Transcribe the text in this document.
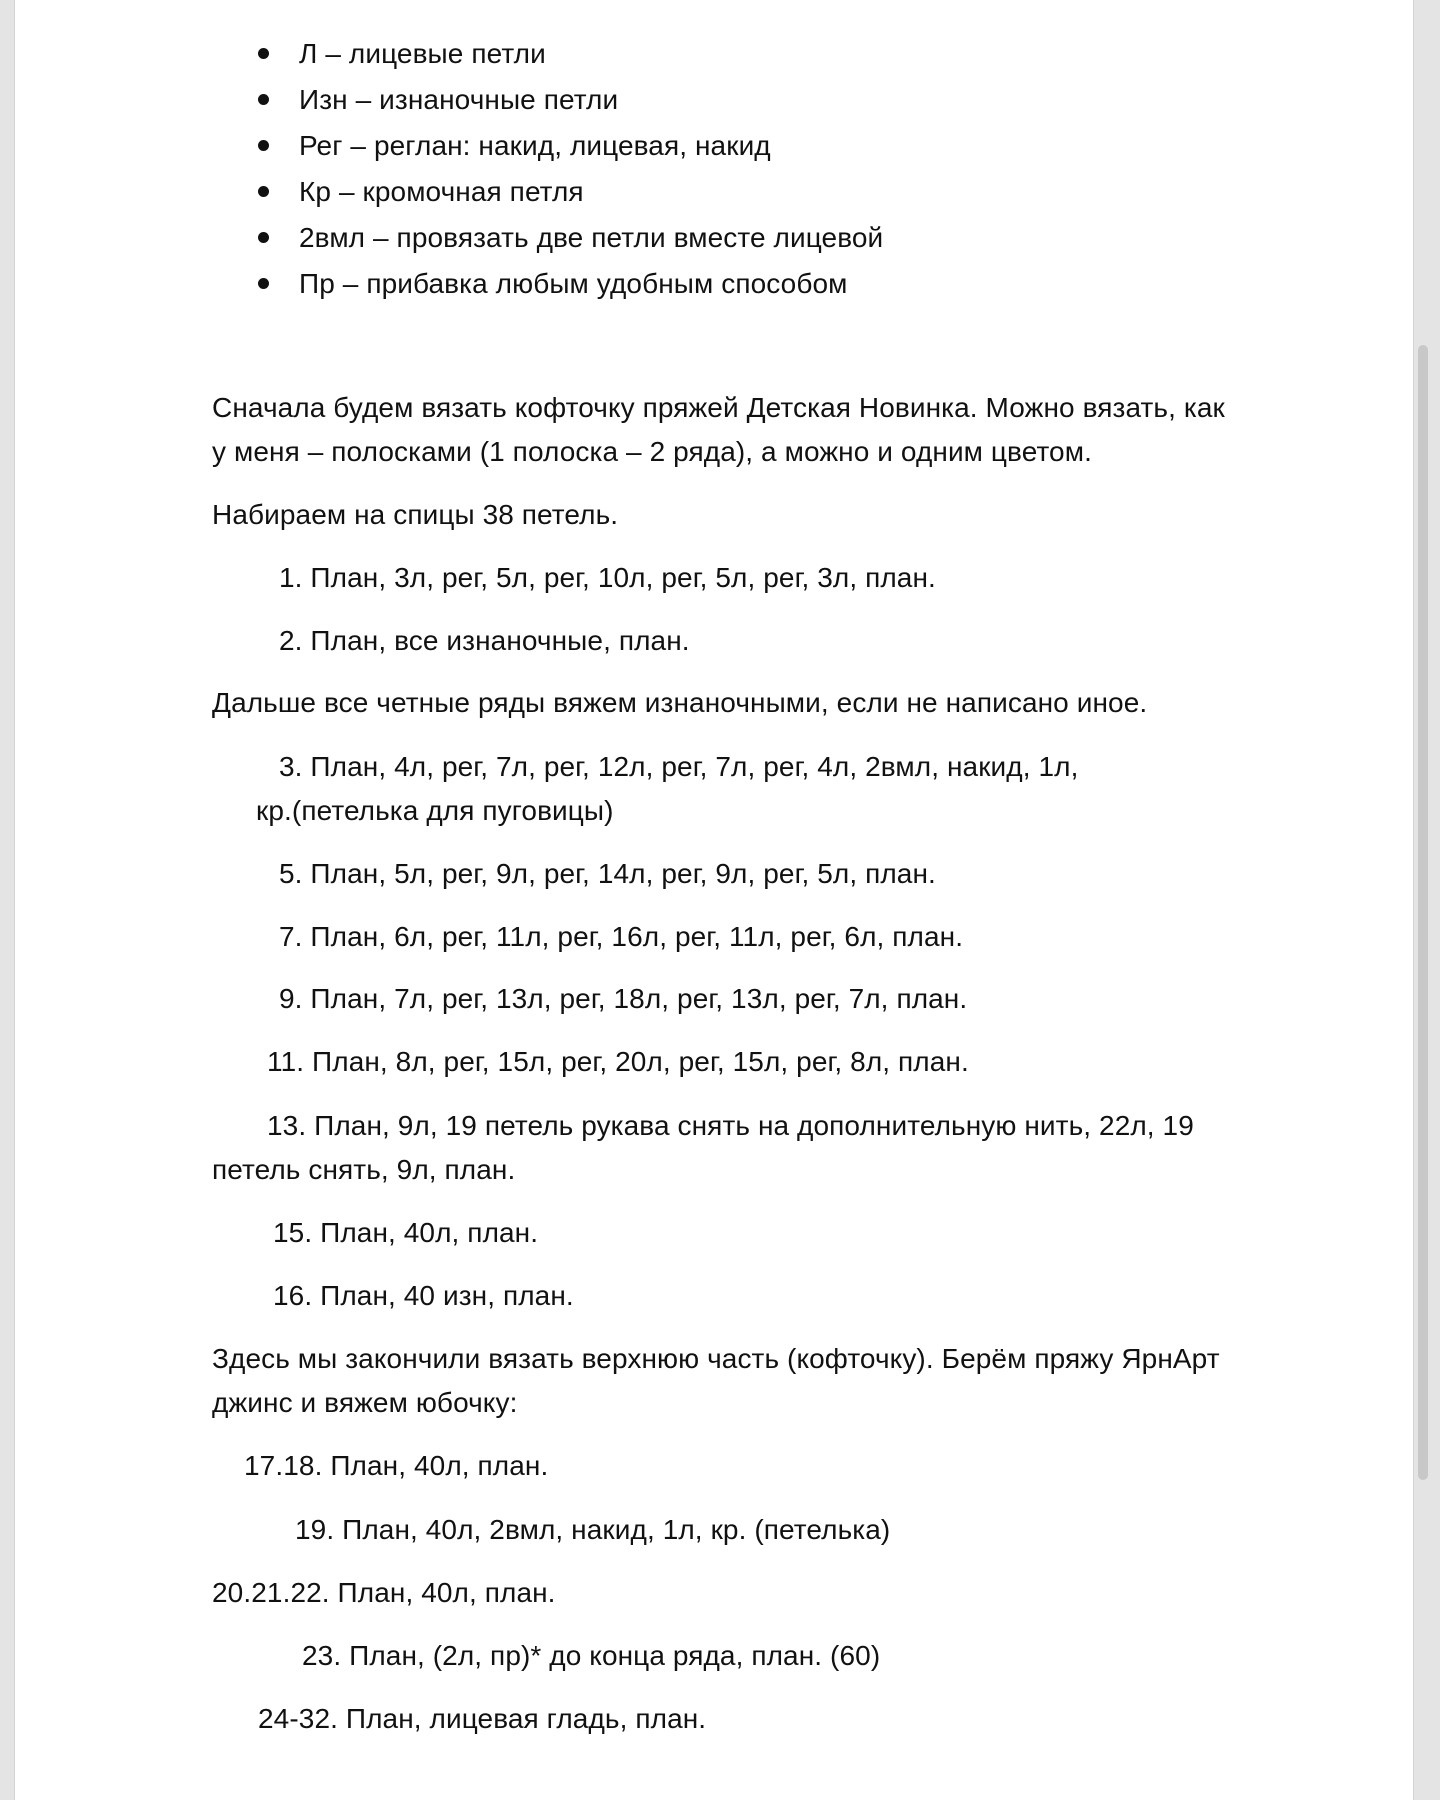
Л – лицевые петли
Изн – изнаночные петли
Рег – реглан: накид, лицевая, накид
Кр – кромочная петля
2вмл – провязать две петли вместе лицевой
Пр – прибавка любым удобным способом
Сначала будем вязать кофточку пряжей Детская Новинка. Можно вязать, как
у меня – полосками (1 полоска – 2 ряда), а можно и одним цветом.
Набираем на спицы 38 петель.
1. План, 3л, рег, 5л, рег, 10л, рег, 5л, рег, 3л, план.
2. План, все изнаночные, план.
Дальше все четные ряды вяжем изнаночными, если не написано иное.
3. План, 4л, рег, 7л, рег, 12л, рег, 7л, рег, 4л, 2вмл, накид, 1л,
кр.(петелька для пуговицы)
5. План, 5л, рег, 9л, рег, 14л, рег, 9л, рег, 5л, план.
7. План, 6л, рег, 11л, рег, 16л, рег, 11л, рег, 6л, план.
9. План, 7л, рег, 13л, рег, 18л, рег, 13л, рег, 7л, план.
11. План, 8л, рег, 15л, рег, 20л, рег, 15л, рег, 8л, план.
13. План, 9л, 19 петель рукава снять на дополнительную нить, 22л, 19
петель снять, 9л, план.
15. План, 40л, план.
16. План, 40 изн, план.
Здесь мы закончили вязать верхнюю часть (кофточку). Берём пряжу ЯрнАрт
джинс и вяжем юбочку:
17.18. План, 40л, план.
19. План, 40л, 2вмл, накид, 1л, кр. (петелька)
20.21.22. План, 40л, план.
23. План, (2л, пр)* до конца ряда, план. (60)
24-32. План, лицевая гладь, план.
